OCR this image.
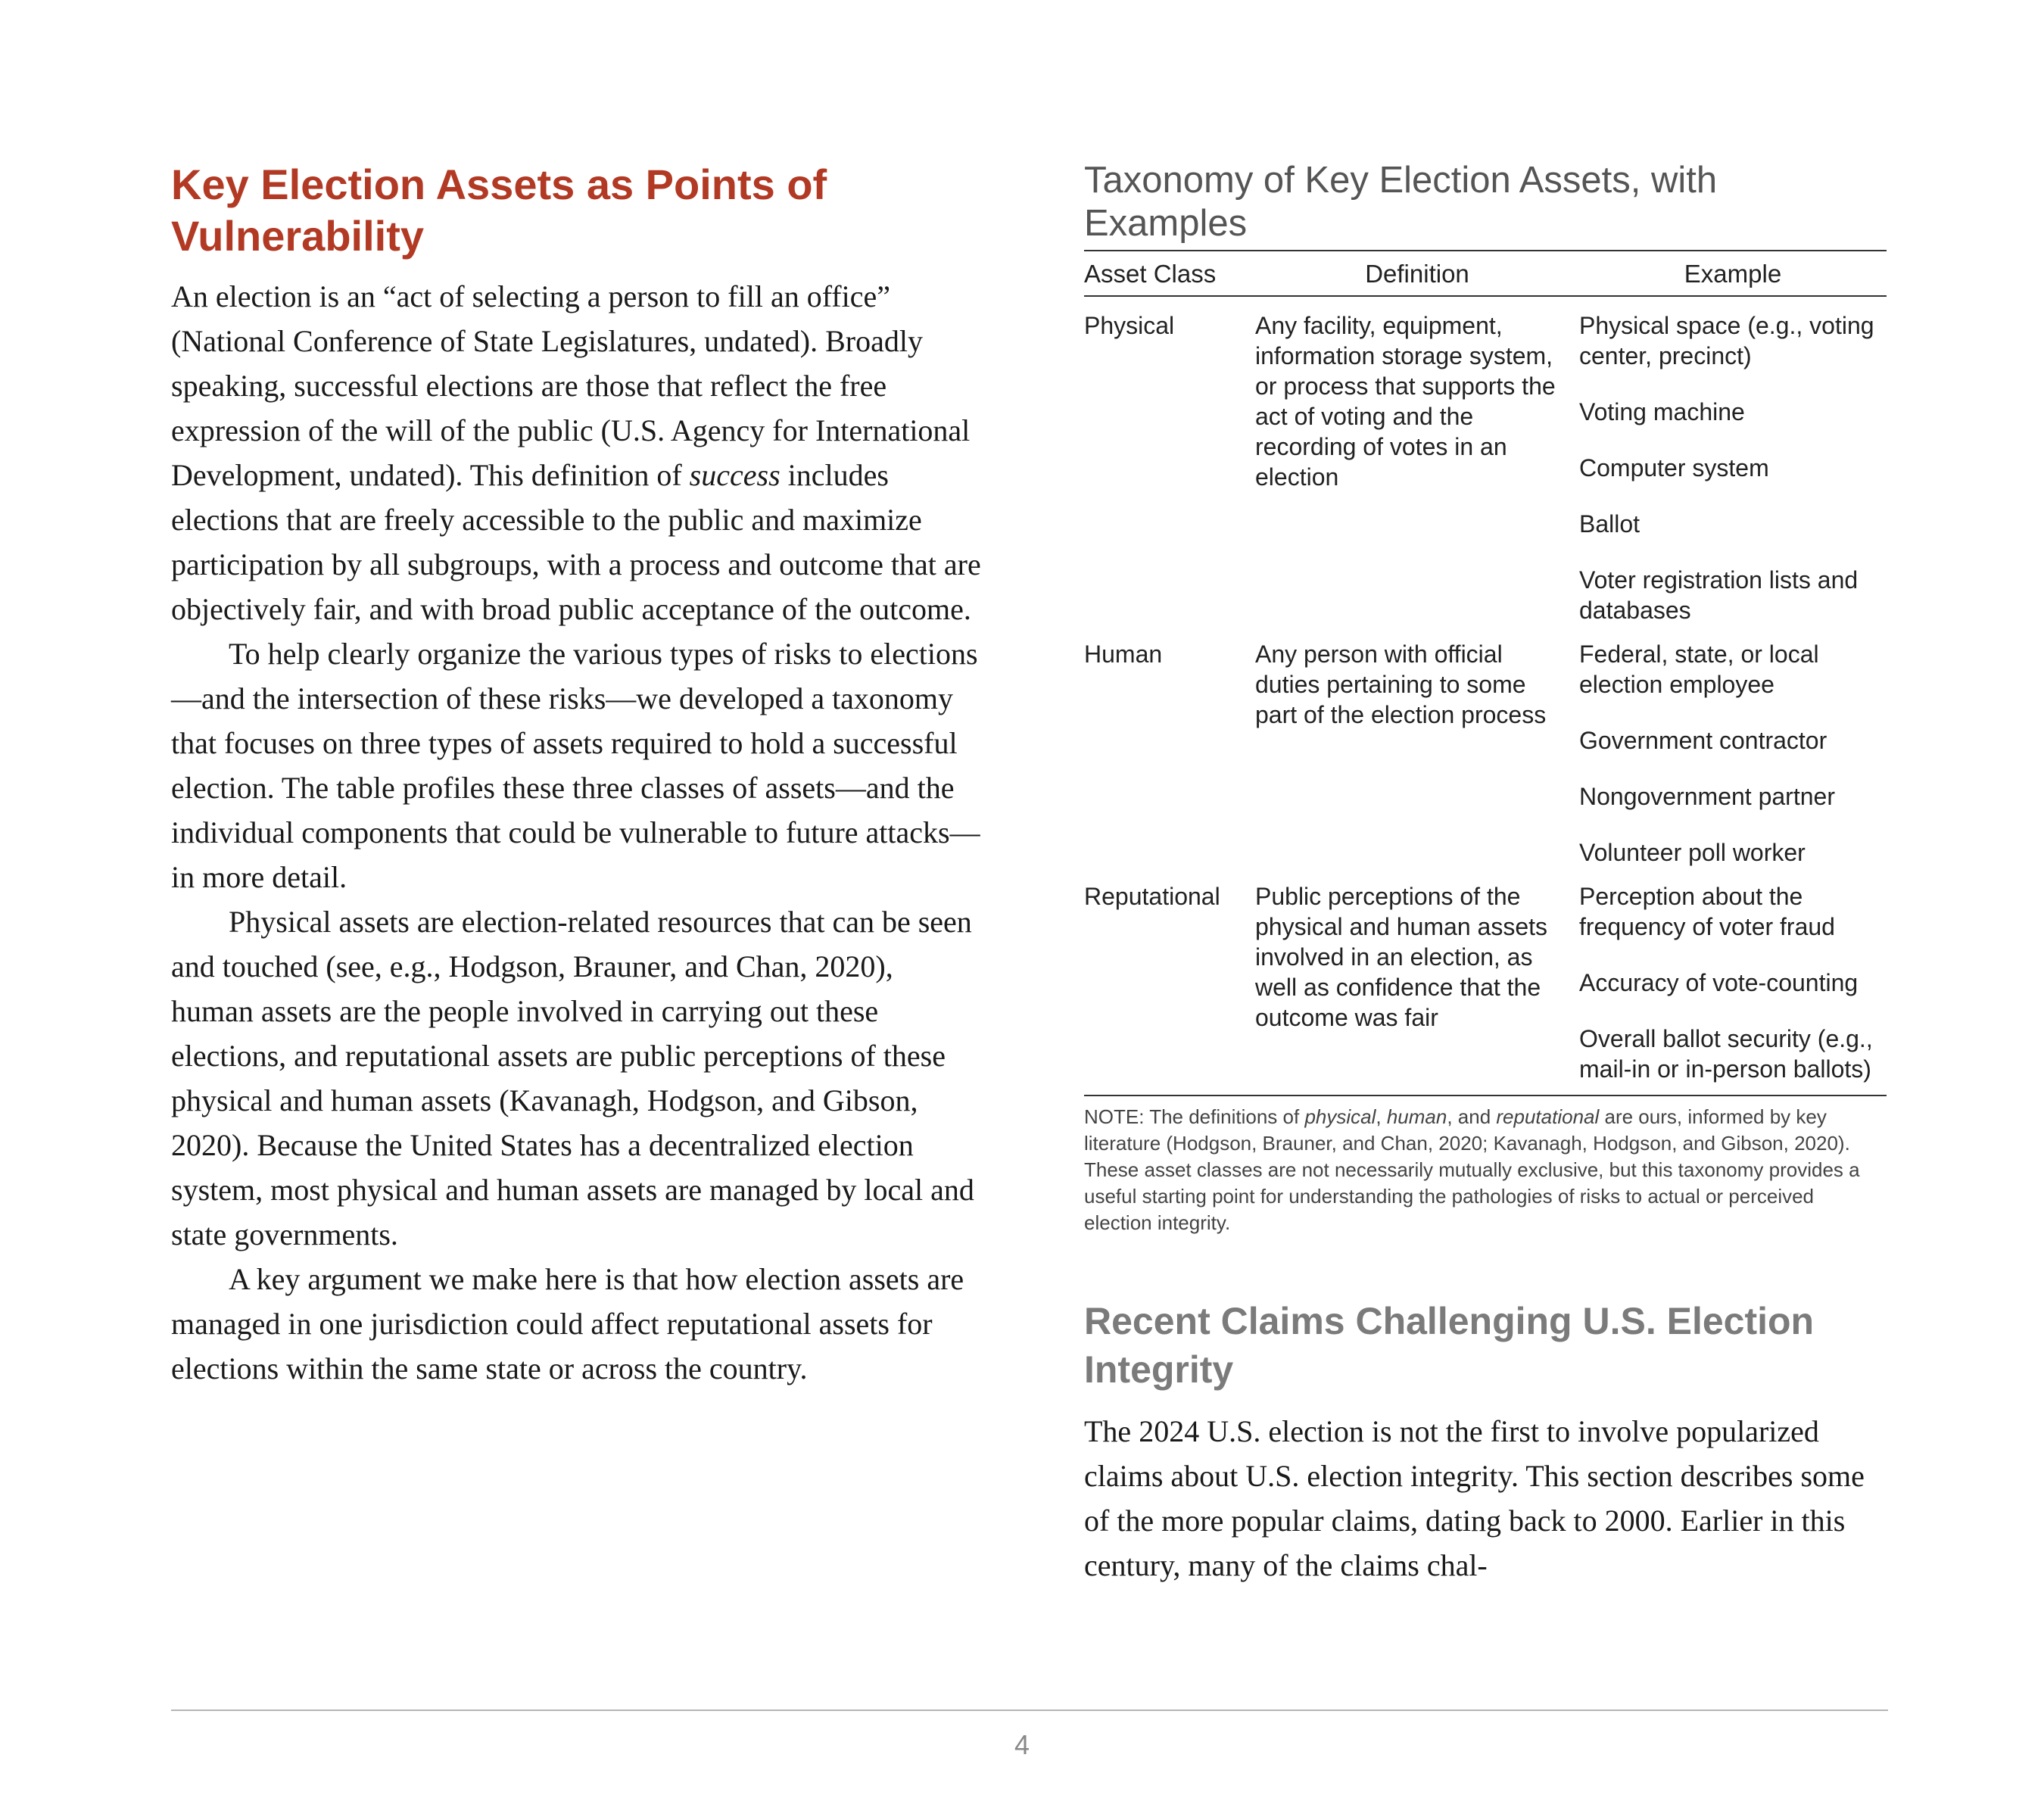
Key Election Assets as Points of Vulnerability

An election is an “act of selecting a person to fill an office” (National Conference of State Legislatures, undated). Broadly speaking, successful elections are those that reflect the free expression of the will of the public (U.S. Agency for International Development, undated). This definition of success includes elections that are freely accessible to the public and maximize participation by all subgroups, with a process and outcome that are objectively fair, and with broad public acceptance of the outcome.

To help clearly organize the various types of risks to elections—and the intersection of these risks—we developed a taxonomy that focuses on three types of assets required to hold a successful election. The table profiles these three classes of assets—and the individual components that could be vulnerable to future attacks—in more detail.

Physical assets are election-related resources that can be seen and touched (see, e.g., Hodgson, Brauner, and Chan, 2020), human assets are the people involved in carrying out these elections, and reputational assets are public perceptions of these physical and human assets (Kavanagh, Hodgson, and Gibson, 2020). Because the United States has a decentralized election system, most physical and human assets are managed by local and state governments.

A key argument we make here is that how election assets are managed in one jurisdiction could affect reputational assets for elections within the same state or across the country.

Taxonomy of Key Election Assets, with Examples
Asset Class	Definition	Example
Physical	Any facility, equipment, information storage system, or process that supports the act of voting and the recording of votes in an election	Physical space (e.g., voting center, precinct)
Voting machine
Computer system
Ballot
Voter registration lists and databases

Human	Any person with official duties pertaining to some part of the election process	Federal, state, or local election employee
Government contractor
Nongovernment partner
Volunteer poll worker

Reputational	Public perceptions of the physical and human assets involved in an election, as well as confidence that the outcome was fair	Perception about the frequency of voter fraud
Accuracy of vote-counting
Overall ballot security (e.g., mail-in or in-person ballots)

NOTE: The definitions of physical, human, and reputational are ours, informed by key literature (Hodgson, Brauner, and Chan, 2020; Kavanagh, Hodgson, and Gibson, 2020). These asset classes are not necessarily mutually exclusive, but this taxonomy provides a useful starting point for understanding the pathologies of risks to actual or perceived election integrity.

Recent Claims Challenging U.S. Election Integrity

The 2024 U.S. election is not the first to involve popularized claims about U.S. election integrity. This section describes some of the more popular claims, dating back to 2000. Earlier in this century, many of the claims chal-

4
